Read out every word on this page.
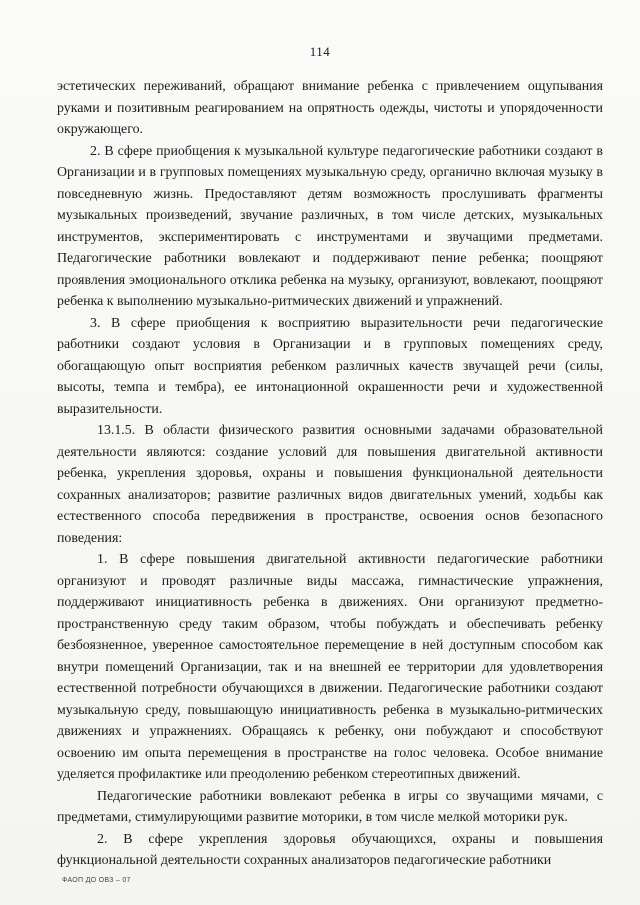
114

эстетических переживаний, обращают внимание ребенка с привлечением ощупывания руками и позитивным реагированием на опрятность одежды, чистоты и упорядоченности окружающего.

2. В сфере приобщения к музыкальной культуре педагогические работники создают в Организации и в групповых помещениях музыкальную среду, органично включая музыку в повседневную жизнь. Предоставляют детям возможность прослушивать фрагменты музыкальных произведений, звучание различных, в том числе детских, музыкальных инструментов, экспериментировать с инструментами и звучащими предметами. Педагогические работники вовлекают и поддерживают пение ребенка; поощряют проявления эмоционального отклика ребенка на музыку, организуют, вовлекают, поощряют ребенка к выполнению музыкально-ритмических движений и упражнений.

3. В сфере приобщения к восприятию выразительности речи педагогические работники создают условия в Организации и в групповых помещениях среду, обогащающую опыт восприятия ребенком различных качеств звучащей речи (силы, высоты, темпа и тембра), ее интонационной окрашенности речи и художественной выразительности.

13.1.5. В области физического развития основными задачами образовательной деятельности являются: создание условий для повышения двигательной активности ребенка, укрепления здоровья, охраны и повышения функциональной деятельности сохранных анализаторов; развитие различных видов двигательных умений, ходьбы как естественного способа передвижения в пространстве, освоения основ безопасного поведения:

1. В сфере повышения двигательной активности педагогические работники организуют и проводят различные виды массажа, гимнастические упражнения, поддерживают инициативность ребенка в движениях. Они организуют предметно-пространственную среду таким образом, чтобы побуждать и обеспечивать ребенку безбоязненное, уверенное самостоятельное перемещение в ней доступным способом как внутри помещений Организации, так и на внешней ее территории для удовлетворения естественной потребности обучающихся в движении. Педагогические работники создают музыкальную среду, повышающую инициативность ребенка в музыкально-ритмических движениях и упражнениях. Обращаясь к ребенку, они побуждают и способствуют освоению им опыта перемещения в пространстве на голос человека. Особое внимание уделяется профилактике или преодолению ребенком стереотипных движений.

Педагогические работники вовлекают ребенка в игры со звучащими мячами, с предметами, стимулирующими развитие моторики, в том числе мелкой моторики рук.

2. В сфере укрепления здоровья обучающихся, охраны и повышения функциональной деятельности сохранных анализаторов педагогические работники

ФАОП ДО ОВЗ – 07
